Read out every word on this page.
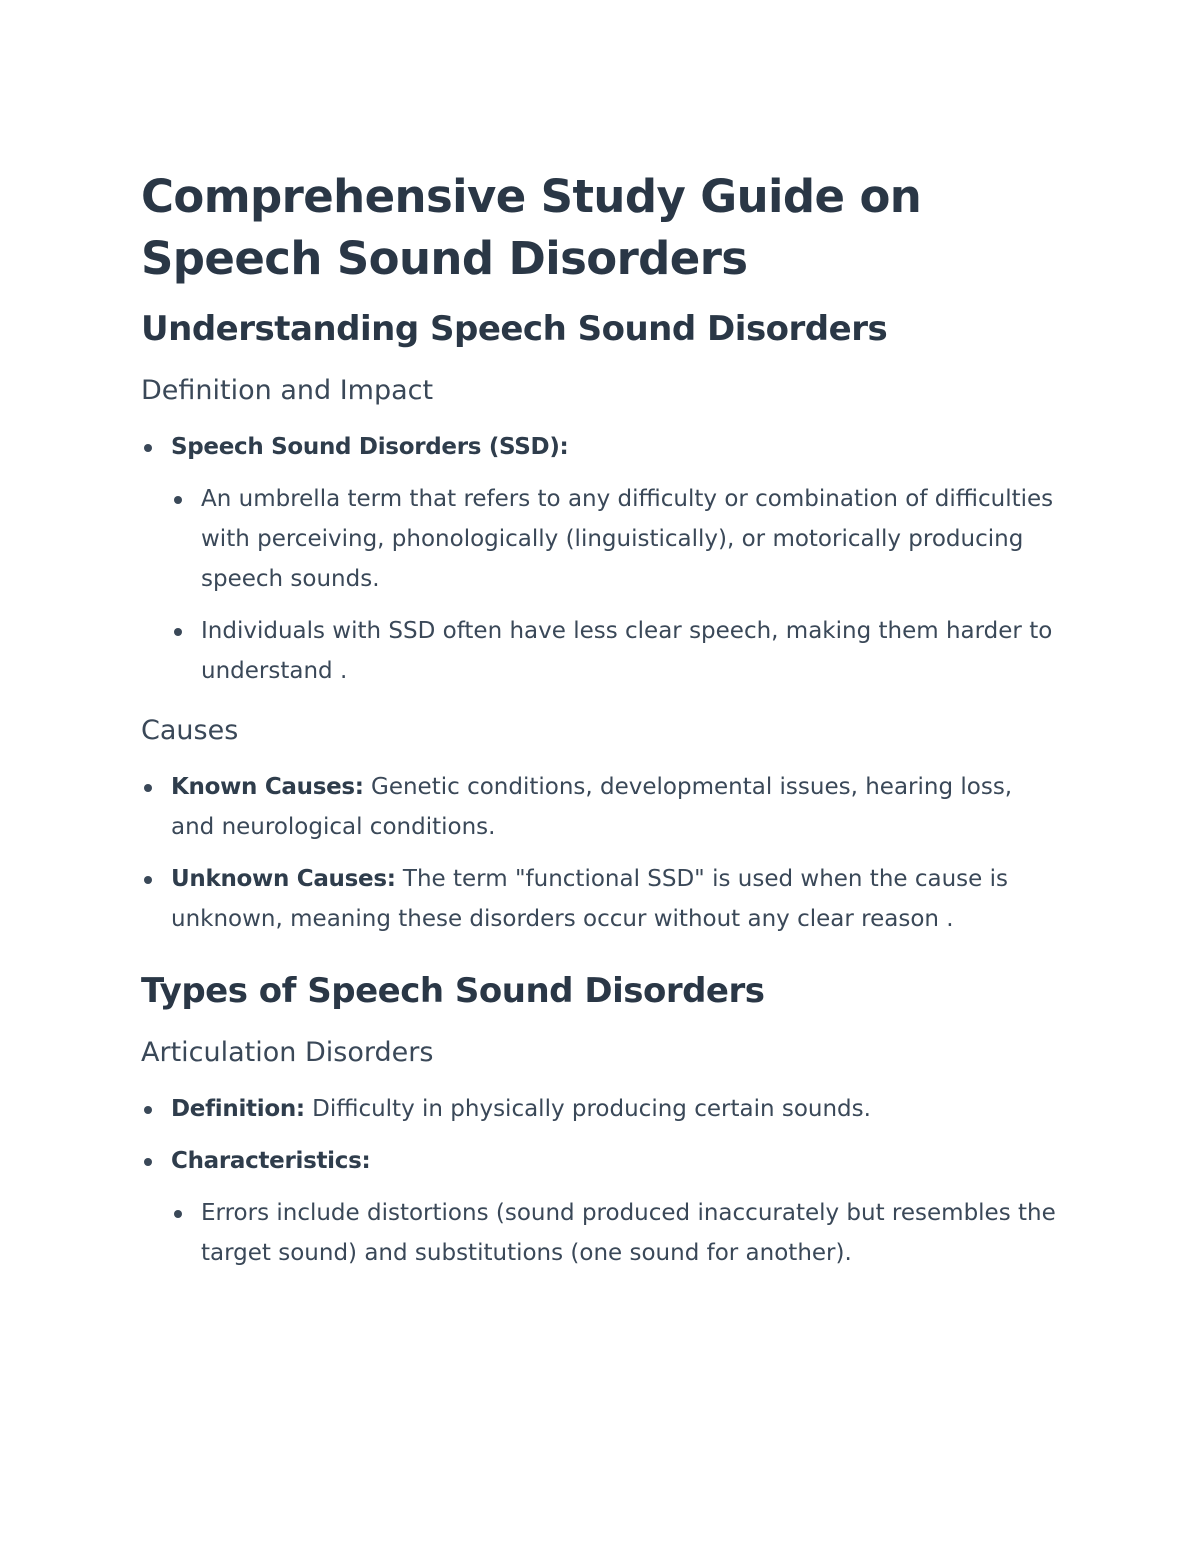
Comprehensive Study Guide on Speech Sound Disorders
Understanding Speech Sound Disorders
Definition and Impact
Speech Sound Disorders (SSD):
An umbrella term that refers to any difficulty or combination of difficulties with perceiving, phonologically (linguistically), or motorically producing speech sounds.
Individuals with SSD often have less clear speech, making them harder to understand .
Causes
Known Causes: Genetic conditions, developmental issues, hearing loss, and neurological conditions.
Unknown Causes: The term "functional SSD" is used when the cause is unknown, meaning these disorders occur without any clear reason .
Types of Speech Sound Disorders
Articulation Disorders
Definition: Difficulty in physically producing certain sounds.
Characteristics:
Errors include distortions (sound produced inaccurately but resembles the target sound) and substitutions (one sound for another).
